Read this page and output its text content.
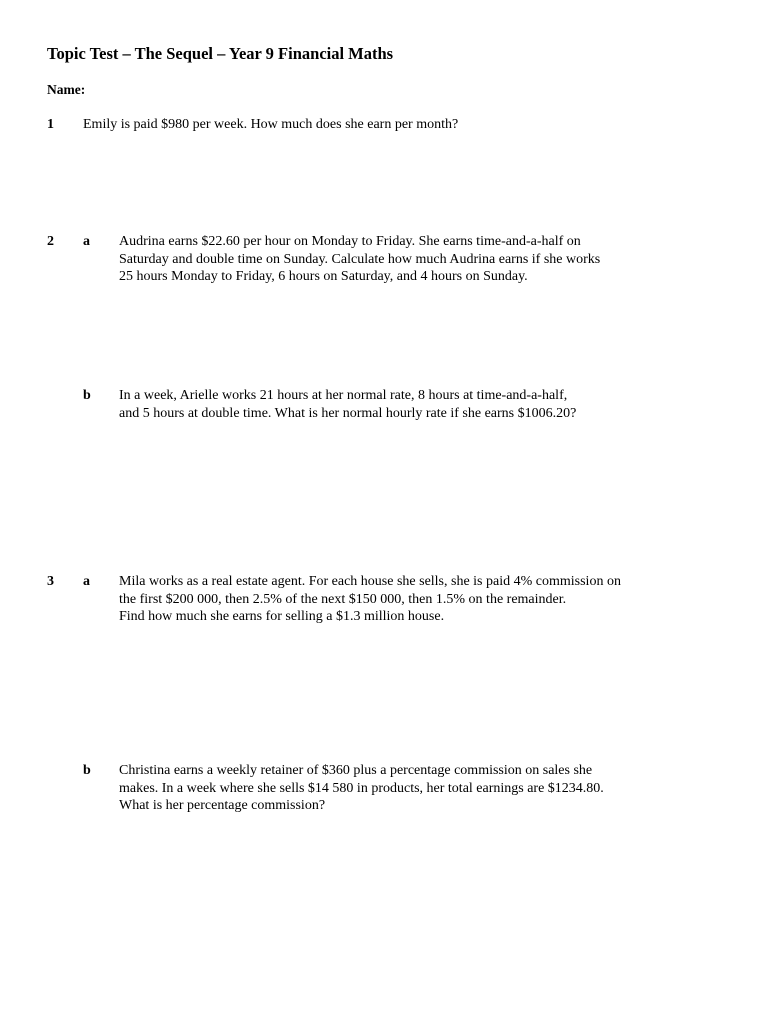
Topic Test – The Sequel – Year 9 Financial Maths
Name:
1 Emily is paid $980 per week. How much does she earn per month?
2 a Audrina earns $22.60 per hour on Monday to Friday. She earns time-and-a-half on
Saturday and double time on Sunday. Calculate how much Audrina earns if she works
25 hours Monday to Friday, 6 hours on Saturday, and 4 hours on Sunday.
b In a week, Arielle works 21 hours at her normal rate, 8 hours at time-and-a-half,
and 5 hours at double time. What is her normal hourly rate if she earns $1006.20?
3 a Mila works as a real estate agent. For each house she sells, she is paid 4% commission on
the first $200 000, then 2.5% of the next $150 000, then 1.5% on the remainder.
Find how much she earns for selling a $1.3 million house.
b Christina earns a weekly retainer of $360 plus a percentage commission on sales she
makes. In a week where she sells $14 580 in products, her total earnings are $1234.80.
What is her percentage commission?
